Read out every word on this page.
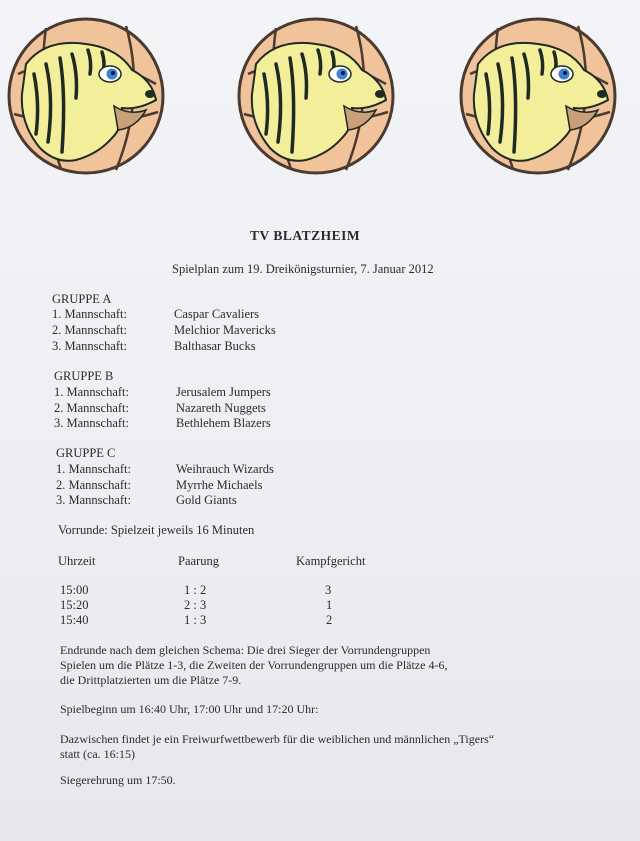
TV BLATZHEIM
Spielplan zum 19. Dreikönigsturnier, 7. Januar 2012
GRUPPE A
1. Mannschaft:	Caspar Cavaliers
2. Mannschaft:	Melchior Mavericks
3. Mannschaft:	Balthasar Bucks
GRUPPE B
1. Mannschaft:	Jerusalem Jumpers
2. Mannschaft:	Nazareth Nuggets
3. Mannschaft:	Bethlehem Blazers
GRUPPE C
1. Mannschaft:	Weihrauch Wizards
2. Mannschaft:	Myrrhe Michaels
3. Mannschaft:	Gold Giants
Vorrunde: Spielzeit jeweils 16 Minuten
Uhrzeit	Paarung	Kampfgericht
15:00	1 : 2	3
15:20	2 : 3	1
15:40	1 : 3	2
Endrunde nach dem gleichen Schema: Die drei Sieger der Vorrundengruppen
Spielen um die Plätze 1-3, die Zweiten der Vorrundengruppen um die Plätze 4-6,
die Drittplatzierten um die Plätze 7-9.
Spielbeginn um 16:40 Uhr, 17:00 Uhr und 17:20 Uhr:
Dazwischen findet je ein Freiwurfwettbewerb für die weiblichen und männlichen „Tigers“
statt (ca. 16:15)
Siegerehrung um 17:50.
